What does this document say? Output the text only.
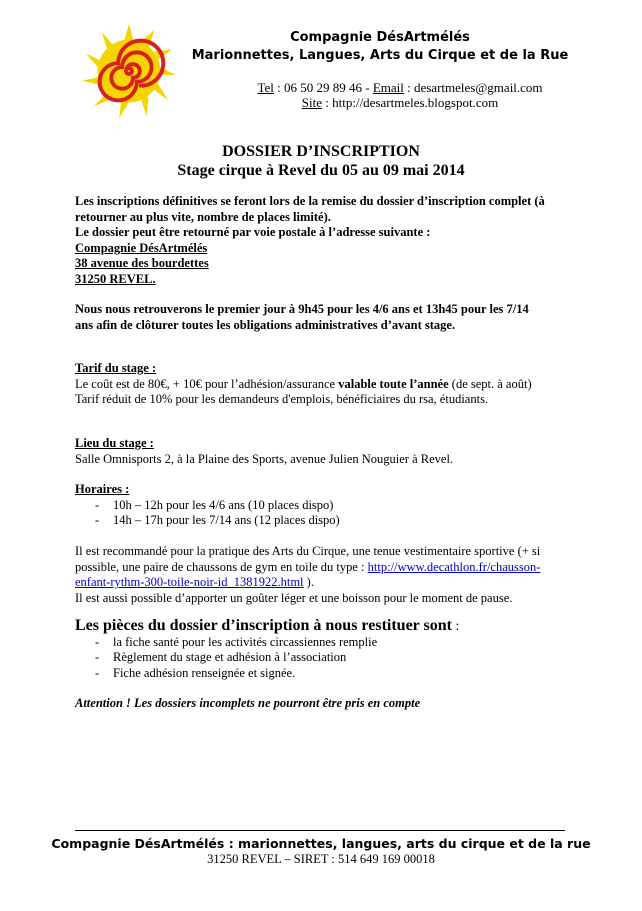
Compagnie DésArtmélés
Marionnettes, Langues, Arts du Cirque et de la Rue
Tel : 06 50 29 89 46 - Email : desartmeles@gmail.com
Site : http://desartmeles.blogspot.com
DOSSIER D’INSCRIPTION
Stage cirque à Revel du 05 au 09 mai 2014

Les inscriptions définitives se feront lors de la remise du dossier d’inscription complet (à

retourner au plus vite, nombre de places limité).

Le dossier peut être retourné par voie postale à l’adresse suivante :

Compagnie DésArtmélés

38 avenue des bourdettes

31250 REVEL.

Nous nous retrouverons le premier jour à 9h45 pour les 4/6 ans et 13h45 pour les 7/14

ans afin de clôturer toutes les obligations administratives d’avant stage.

Tarif du stage :

Le coût est de 80€, + 10€ pour l’adhésion/assurance valable toute l’année (de sept. à août)

Tarif réduit de 10% pour les demandeurs d'emplois, bénéficiaires du rsa, étudiants.

Lieu du stage :

Salle Omnisports 2, à la Plaine des Sports, avenue Julien Nouguier à Revel.

Horaires :

-	10h – 12h pour les 4/6 ans (10 places dispo)
-	14h – 17h pour les 7/14 ans (12 places dispo)

Il est recommandé pour la pratique des Arts du Cirque, une tenue vestimentaire sportive (+ si

possible, une paire de chaussons de gym en toile du type : http://www.decathlon.fr/chausson-

enfant-rythm-300-toile-noir-id_1381922.html ).

Il est aussi possible d’apporter un goûter léger et une boisson pour le moment de pause.

Les pièces du dossier d’inscription à nous restituer sont :

-	la fiche santé pour les activités circassiennes remplie
-	Règlement du stage et adhésion à l’association
-	Fiche adhésion renseignée et signée.
Attention ! Les dossiers incomplets ne pourront être pris en compte
Compagnie DésArtmélés : marionnettes, langues, arts du cirque et de la rue
31250 REVEL – SIRET : 514 649 169 00018
